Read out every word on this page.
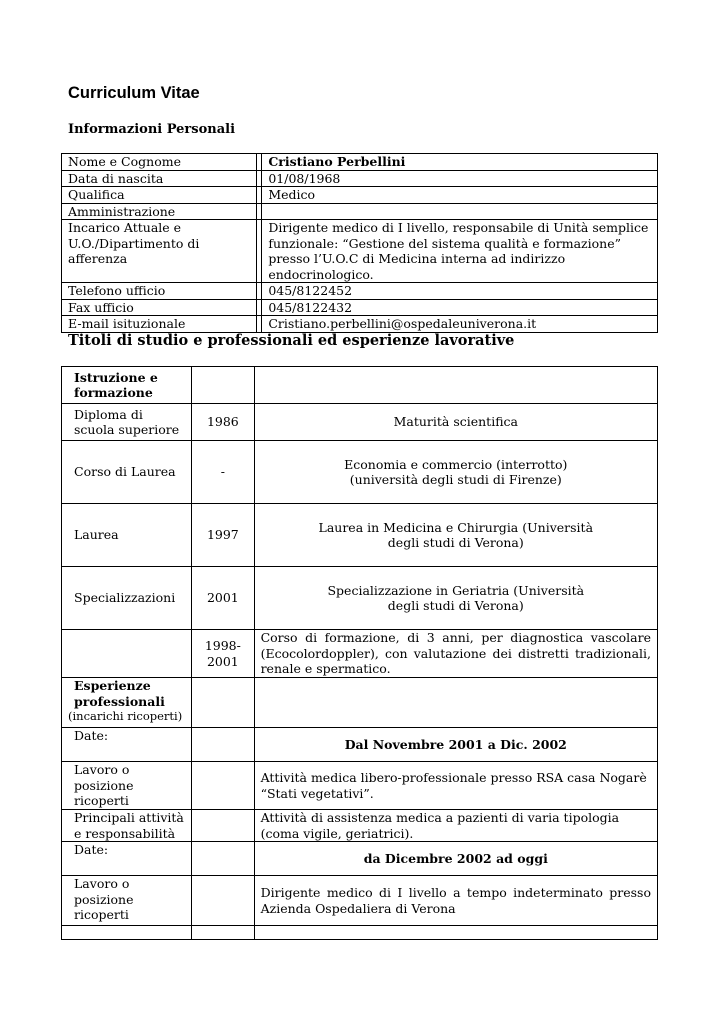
Curriculum Vitae
Informazioni Personali
Nome e Cognome		Cristiano Perbellini
Data di nascita		01/08/1968
Qualifica		Medico
Amministrazione		
Incarico Attuale e U.O./Dipartimento di afferenza		Dirigente medico di I livello, responsabile di Unità semplice funzionale: “Gestione del sistema qualità e formazione” presso l’U.O.C di Medicina interna ad indirizzo endocrinologico.
Telefono ufficio		045/8122452
Fax ufficio		045/8122432
E-mail isituzionale		Cristiano.perbellini@ospedaleuniverona.it
Titoli di studio e professionali ed esperienze lavorative
Istruzione e formazione		
Diploma di scuola superiore	1986	Maturità scientifica
Corso di Laurea	-	Economia e commercio (interrotto) (università degli studi di Firenze)
Laurea	1997	Laurea in Medicina e Chirurgia (Università degli studi di Verona)
Specializzazioni	2001	Specializzazione in Geriatria (Università degli studi di Verona)
	1998-2001	Corso di formazione, di 3 anni, per diagnostica vascolare (Ecocolordoppler), con valutazione dei distretti tradizionali, renale e spermatico.

Esperienze professionali
(incarichi ricoperti)		

Date:		Dal Novembre 2001 a Dic. 2002
Lavoro o posizione ricoperti		Attività medica libero-professionale presso RSA casa Nogarè “Stati vegetativi”.
Principali attività e responsabilità		Attività di assistenza medica a pazienti di varia tipologia (coma vigile, geriatrici).
Date:		da Dicembre 2002 ad oggi
Lavoro o posizione ricoperti		Dirigente medico di I livello a tempo indeterminato presso Azienda Ospedaliera di Verona
